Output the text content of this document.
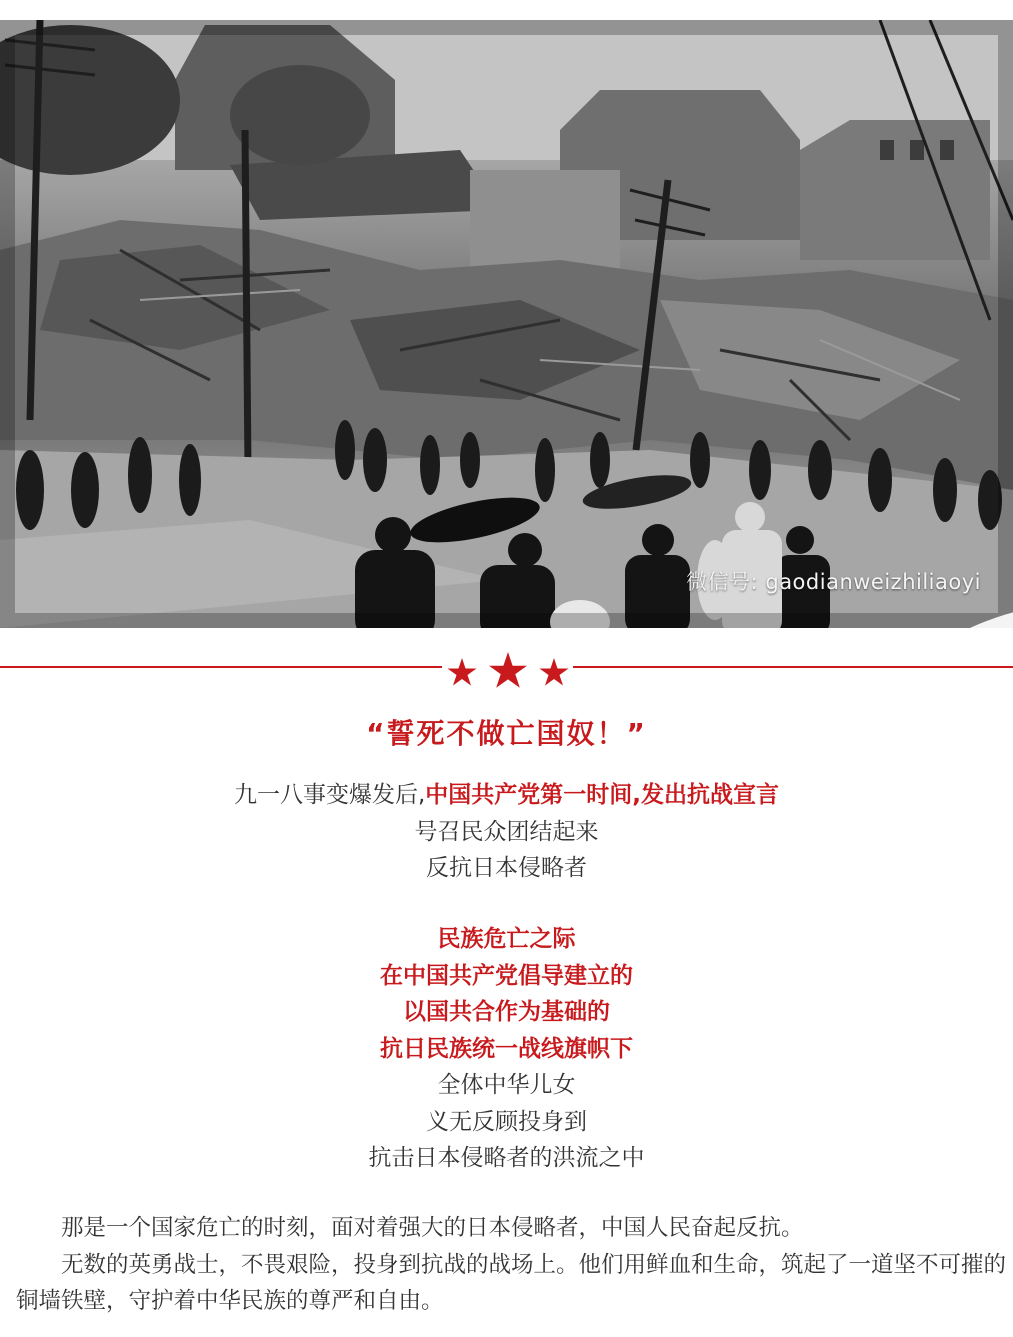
微信号: gaodianweizhiliaoyi
“誓死不做亡国奴！”
九一八事变爆发后,中国共产党第一时间,发出抗战宣言
号召民众团结起来
反抗日本侵略者
民族危亡之际
在中国共产党倡导建立的
以国共合作为基础的
抗日民族统一战线旗帜下
全体中华儿女
义无反顾投身到
抗击日本侵略者的洪流之中

那是一个国家危亡的时刻，面对着强大的日本侵略者，中国人民奋起反抗。

无数的英勇战士，不畏艰险，投身到抗战的战场上。他们用鲜血和生命，筑起了一道坚不可摧的铜墙铁壁，守护着中华民族的尊严和自由。
